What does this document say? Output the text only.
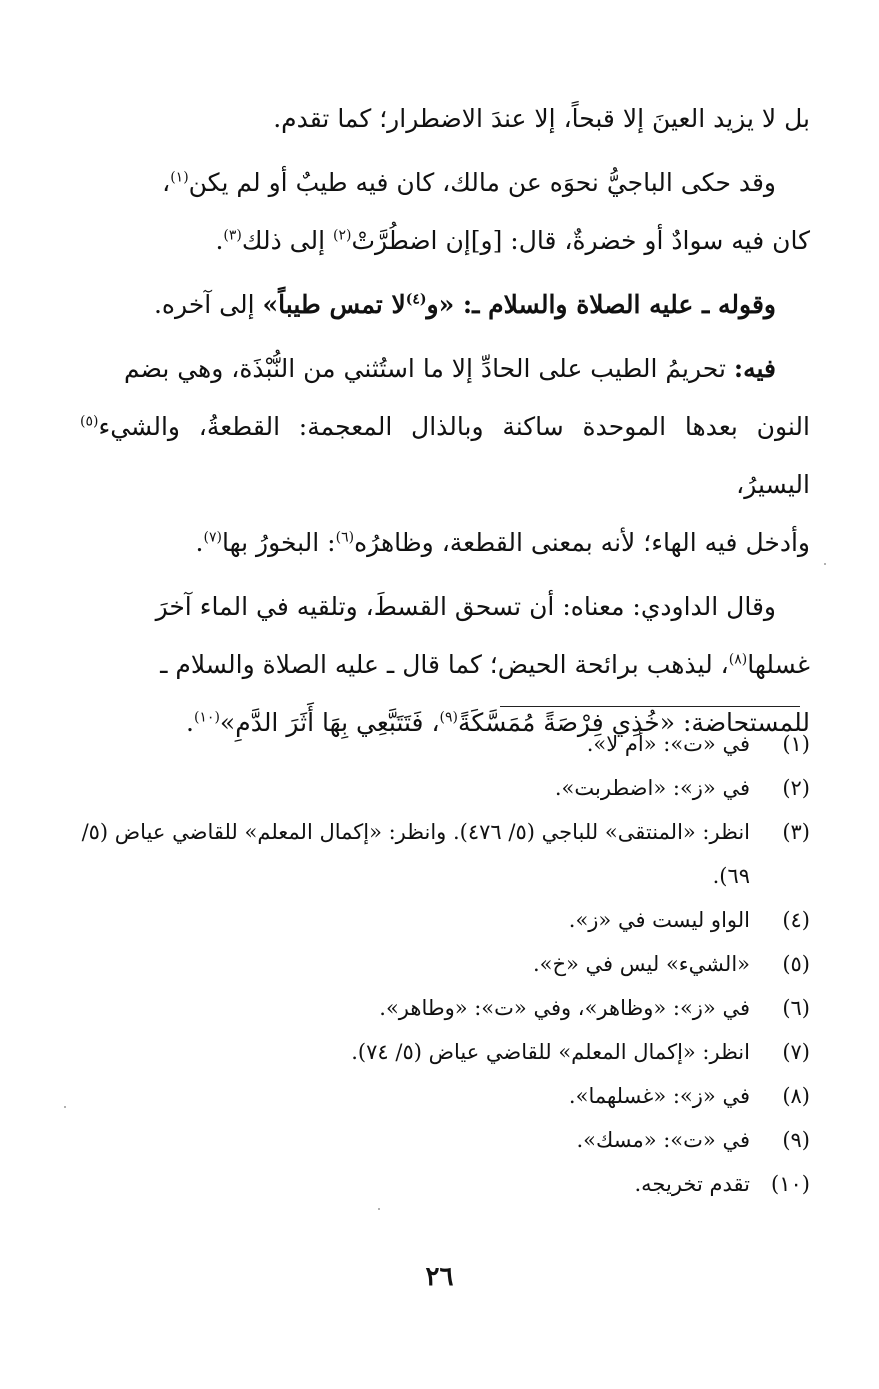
بل لا يزيد العينَ إلا قبحاً، إلا عندَ الاضطرار؛ كما تقدم.

وقد حكى الباجيُّ نحوَه عن مالك، كان فيه طيبٌ أو لم يكن$^{(١)}$،

كان فيه سوادٌ أو خضرةٌ، قال: [و]إن اضطُرَّتْ$^{(٢)}$ إلى ذلك$^{(٣)}$.

وقوله ـ عليه الصلاة والسلام ـ: «و$^{(٤)}$لا تمس طيباً» إلى آخره.

فيه: تحريمُ الطيب على الحادِّ إلا ما استُثني من النُّبْذَة، وهي بضم

النون بعدها الموحدة ساكنة وبالذال المعجمة: القطعةُ، والشيء$^{(٥)}$ اليسيرُ،

وأدخل فيه الهاء؛ لأنه بمعنى القطعة، وظاهرُه$^{(٦)}$: البخورُ بها$^{(٧)}$.

وقال الداودي: معناه: أن تسحق القسطَ، وتلقيه في الماء آخرَ

غسلها$^{(٨)}$، ليذهب برائحة الحيض؛ كما قال ـ عليه الصلاة والسلام ـ

للمستحاضة: «خُذِي فِرْصَةً مُمَسَّكَةً$^{(٩)}$، فَتَتَبَّعِي بِهَا أَثَرَ الدَّمِ»$^{(١٠)}$.

(١)
في «ت»: «أم لا».
(٢)
في «ز»: «اضطربت».
(٣)
انظر: «المنتقى» للباجي (٥/ ٤٧٦). وانظر: «إكمال المعلم» للقاضي عياض (٥/ ٦٩).
(٤)
الواو ليست في «ز».
(٥)
«الشيء» ليس في «خ».
(٦)
في «ز»: «وظاهر»، وفي «ت»: «وطاهر».
(٧)
انظر: «إكمال المعلم» للقاضي عياض (٥/ ٧٤).
(٨)
في «ز»: «غسلهما».
(٩)
في «ت»: «مسك».
(١٠)
تقدم تخريجه.
٢٦
